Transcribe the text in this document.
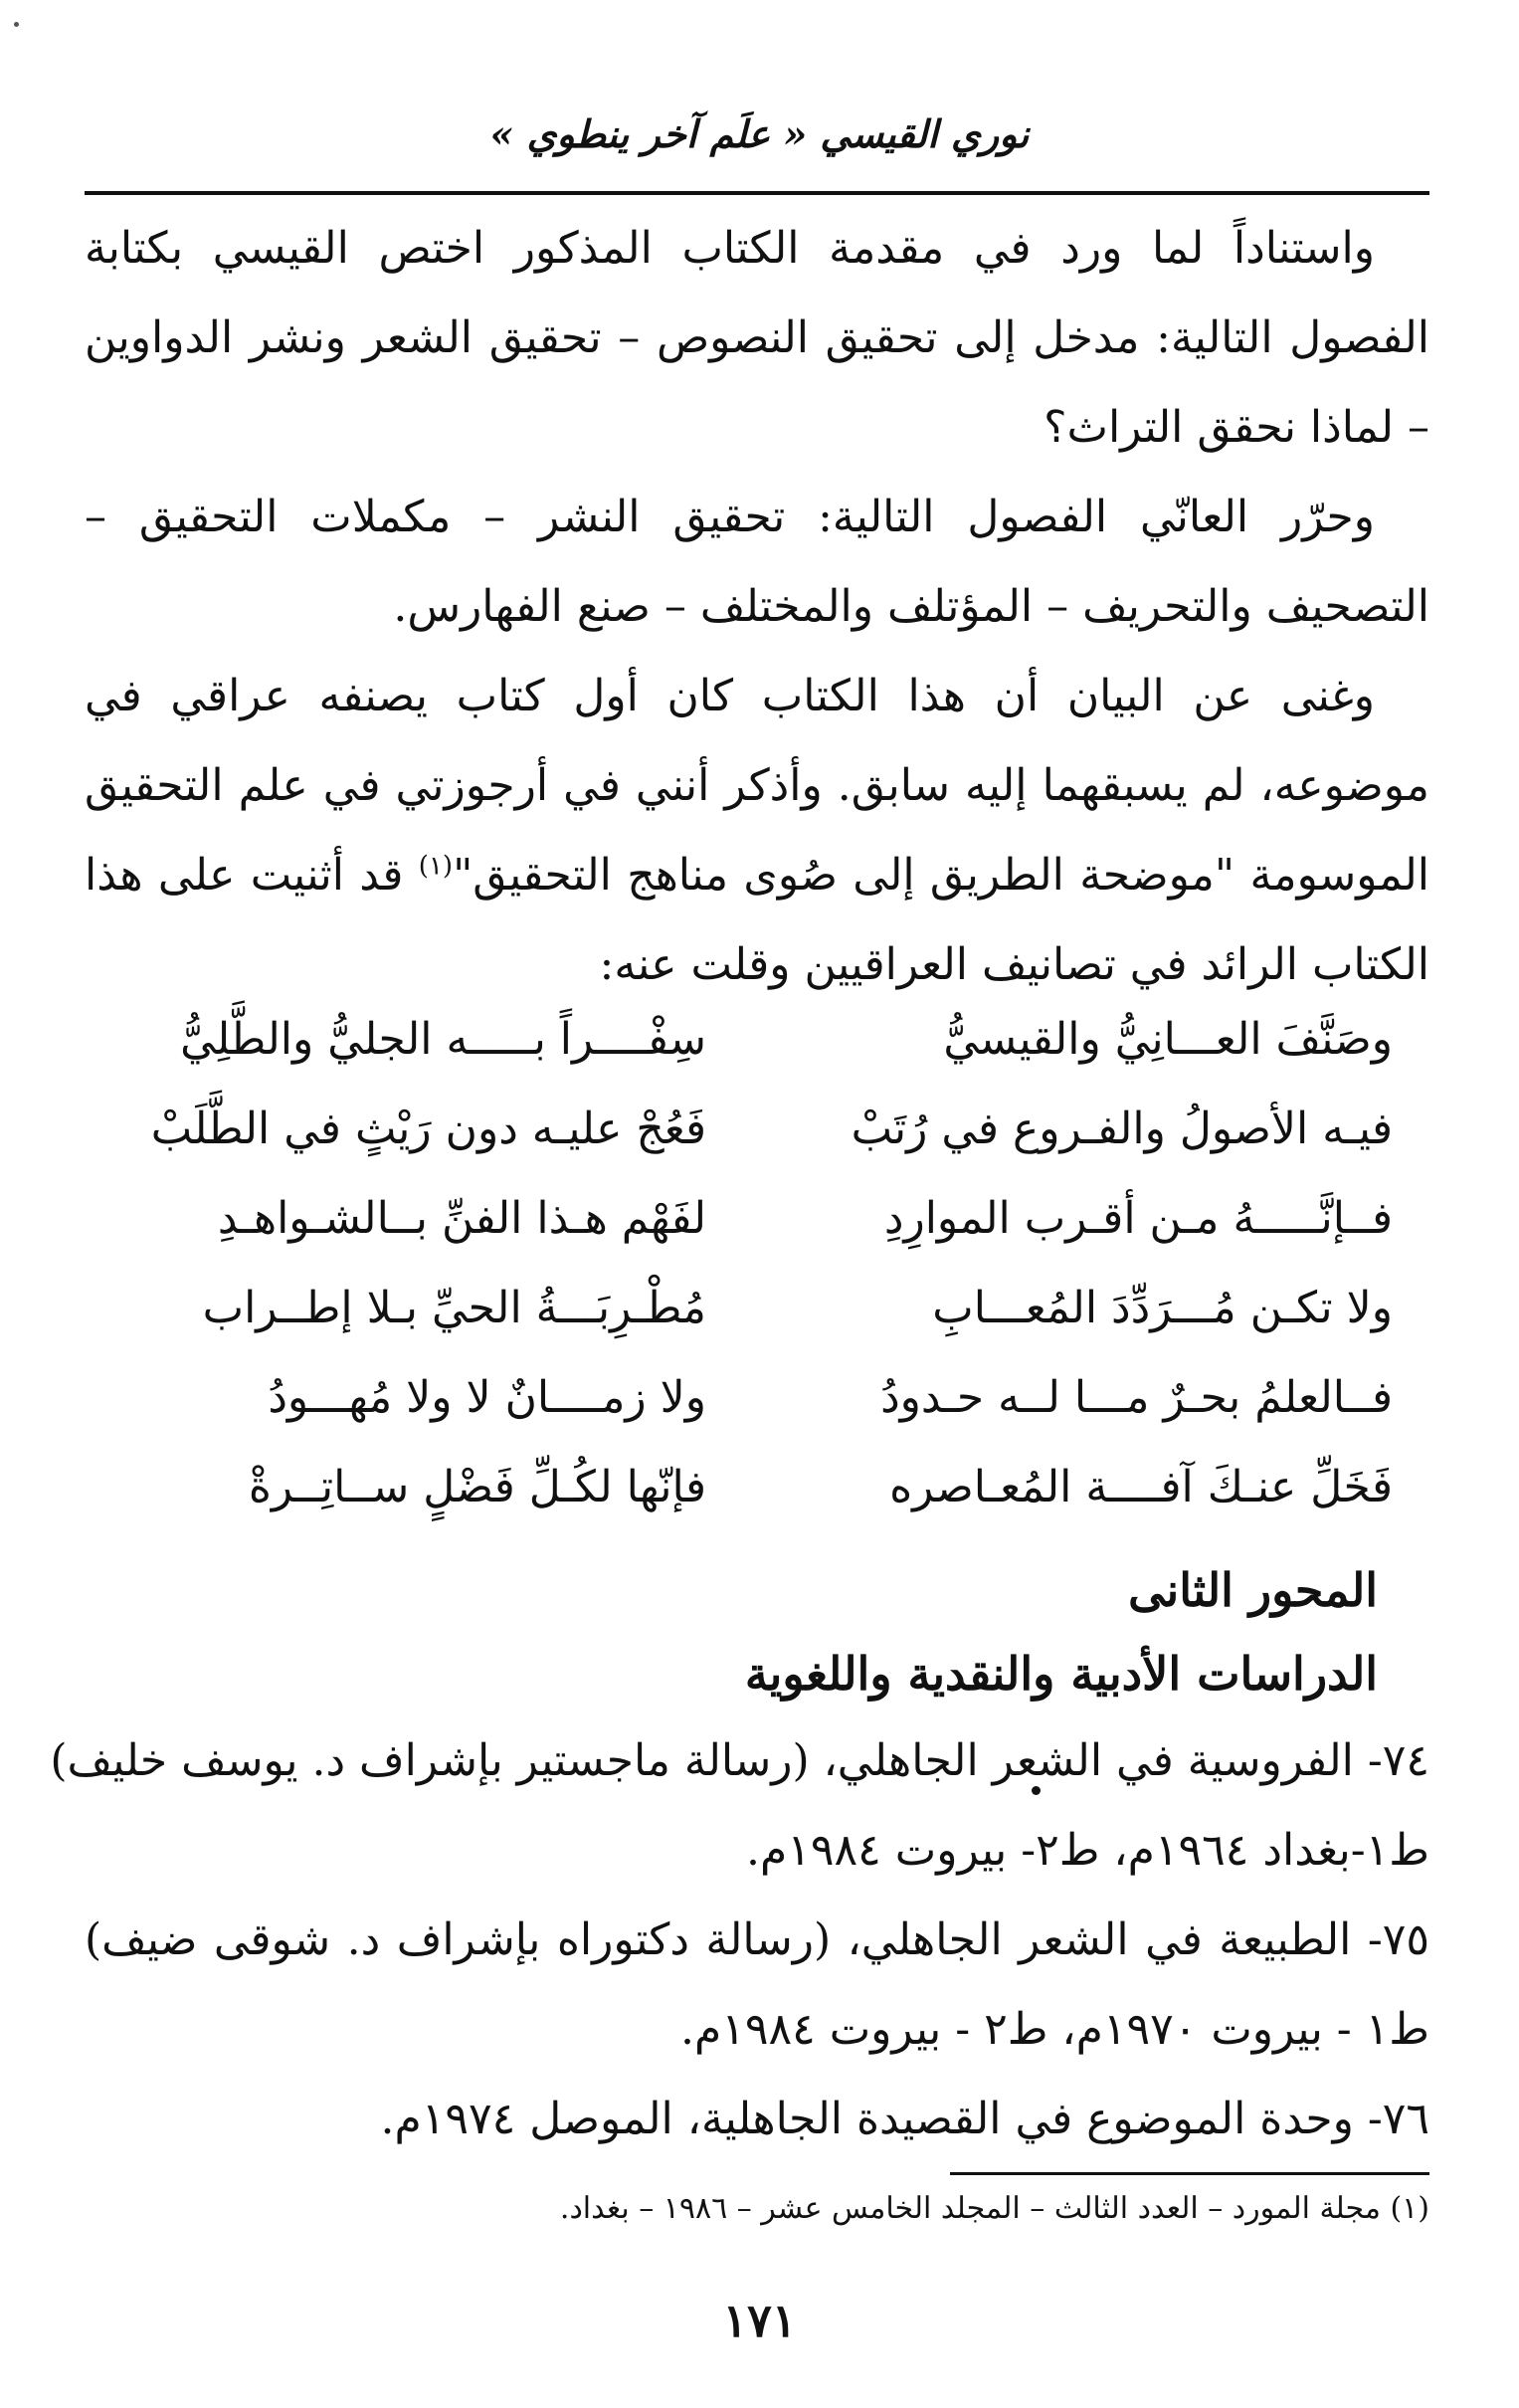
نوري القيسي « علَم آخر ينطوي »

واستناداً لما ورد في مقدمة الكتاب المذكور اختص القيسي بكتابة الفصول التالية: مدخل إلى تحقيق النصوص – تحقيق الشعر ونشر الدواوين – لماذا نحقق التراث؟

وحرّر العانّي الفصول التالية: تحقيق النشر – مكملات التحقيق – التصحيف والتحريف – المؤتلف والمختلف – صنع الفهارس.

وغنى عن البيان أن هذا الكتاب كان أول كتاب يصنفه عراقي في موضوعه، لم يسبقهما إليه سابق. وأذكر أنني في أرجوزتي في علم التحقيق الموسومة "موضحة الطريق إلى صُوى مناهج التحقيق"$^{(١)}$ قد أثنيت على هذا الكتاب الرائد في تصانيف العراقيين وقلت عنه:

وصَنَّفَ العـــانِيُّ والقيسيُّ
سِفْــــراً بـــــه الجليُّ والطَّلِيُّ
فيـه الأصولُ والفـروع في رُتَبْ
فَعُجْ عليـه دون رَيْثٍ في الطَّلَبْ
فــإنَّـــــهُ مـن أقـرب الموارِدِ
لفَهْم هـذا الفنِّ بــالشـواهـدِ
ولا تكـن مُـــرَدِّدَ المُعـــابِ
مُطْـرِبَـــةُ الحيِّ بـلا إطــراب
فــالعلمُ بحـرٌ مـــا لــه حـدودُ
ولا زمــــانٌ لا ولا مُهـــودُ
فَخَلِّ عنـكَ آفــــة المُعـاصره
فإنّها لكُـلِّ فَضْلٍ ســاتِــرةْ
المحور الثانى
الدراسات الأدبية والنقدية واللغوية

٧٤- الفروسية في الشعر الجاهلي، (رسالة ماجستير بإشراف د. يوسف خليف)

ط١-بغداد ١٩٦٤م، ط٢- بيروت ١٩٨٤م.

٧٥- الطبيعة في الشعر الجاهلي، (رسالة دكتوراه بإشراف د. شوقى ضيف)

ط١ - بيروت ١٩٧٠م، ط٢ - بيروت ١٩٨٤م.

٧٦- وحدة الموضوع في القصيدة الجاهلية، الموصل ١٩٧٤م.

(١) مجلة المورد – العدد الثالث – المجلد الخامس عشر – ١٩٨٦ – بغداد.
١٧١
